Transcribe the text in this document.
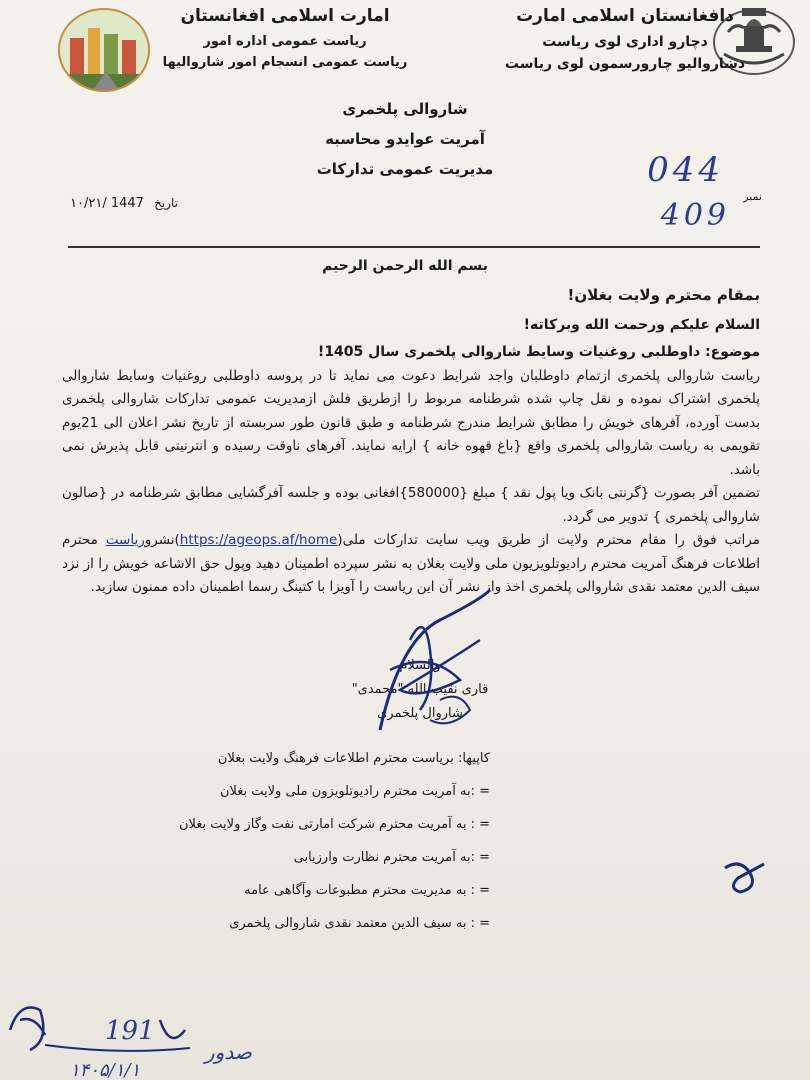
دافغانستان اسلامی امارت
دچارو اداری لوی ریاست
دښاروالیو چارورسمون لوی ریاست
امارت اسلامی افغانستان
ریاست عمومی اداره امور
ریاست عمومی انسجام امور شاروالیها
شاروالی پلخمری
آمریت عوایدو محاسبه
مدیریت عمومی تدارکات
نمبر
044
409
تاریخ 1447 /۱۰/۲۱
بسم الله الرحمن الرحیم

بمقام محترم ولایت بغلان!

السلام علیکم ورحمت الله وبرکاته!

موضوع: داوطلبی روغنیات وسایط شاروالی پلخمری سال 1405!

ریاست شاروالی پلخمری ازتمام داوطلبان واجد شرایط دعوت می نماید تا در پروسه داوطلبی روغنیات وسایط شاروالی پلخمری اشتراک نموده و نقل چاپ شده شرطنامه مربوط را ازطریق فلش ازمدیریت عمومی تدارکات شاروالی پلخمری بدست آورده، آفرهای خویش را مطابق شرایط مندرج شرطنامه و طبق قانون طور سربسته از تاریخ نشر اعلان الی 21یوم تقویمی به ریاست شاروالی پلخمری واقع {باغ قهوه خانه } ارایه نمایند. آفرهای ناوقت رسیده و انترنیتی قابل پذیرش نمی باشد.

تضمین آفر بصورت {گرنتی بانک ویا پول نقد } مبلغ {580000}افغانی بوده و جلسه آفرگشایی مطابق شرطنامه در {صالون شاروالی پلخمری } تدویر می گردد.

مراتب فوق را مقام محترم ولایت از طریق ویب سایت تدارکات ملی(https://ageops.af/home)نشروریاست محترم اطلاعات فرهنگ آمریت محترم رادیوتلویزیون ملی ولایت بغلان به نشر سپرده اطمینان دهید وپول حق الاشاعه خویش را از نزد سیف الدین معتمد نقدی شاروالی پلخمری اخذ واز نشر آن این ریاست را آویزا با کتینگ رسما اطمینان داده ممنون سازید.

والسلام
قاری نقیب الله "محمدی"
شاروال پلخمری
کاپیها: بریاست محترم اطلاعات فرهنگ ولایت بغلان
= :به آمریت محترم رادیوتلویزون ملی ولایت بغلان
= : به آمریت محترم شرکت امارتی نفت وگاز ولایت بغلان
= :به آمریت محترم نظارت وارزیابی
= : به مدیریت محترم مطبوعات وآگاهی عامه
= : به سیف الدین معتمد نقدی شاروالی پلخمری
191
صدور
۱۴۰۵/۱/۱
